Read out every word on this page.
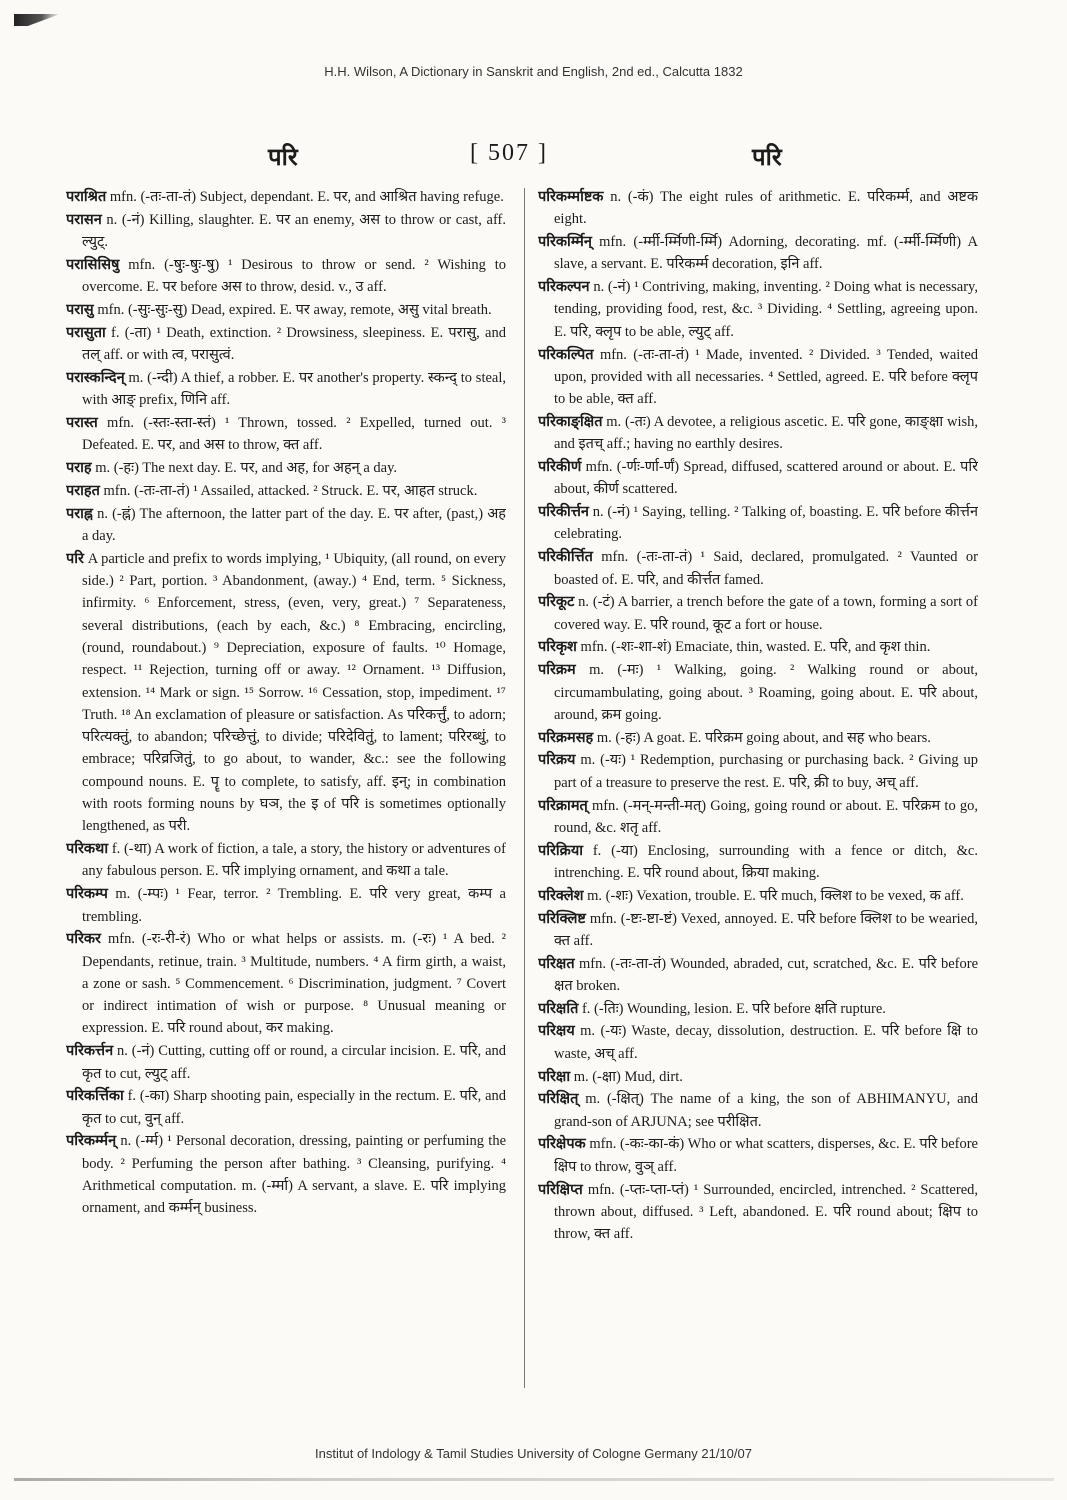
H.H. Wilson, A Dictionary in Sanskrit and English, 2nd ed., Calcutta 1832
परि	[ 507 ]	परि

पराश्रित mfn. (-तः-ता-तं) Subject, dependant. E. पर, and आश्रित having refuge.

परासन n. (-नं) Killing, slaughter. E. पर an enemy, अस to throw or cast, aff. ल्युट्.

परासिसिषु mfn. (-षुः-षुः-षु) ¹ Desirous to throw or send. ² Wishing to overcome. E. पर before अस to throw, desid. v., उ aff.

परासु mfn. (-सुः-सुः-सु) Dead, expired. E. पर away, remote, असु vital breath.

परासुता f. (-ता) ¹ Death, extinction. ² Drowsiness, sleepiness. E. परासु, and तल् aff. or with त्व, परासुत्वं.

परास्कन्दिन् m. (-न्दी) A thief, a robber. E. पर another's property. स्कन्द् to steal, with आङ् prefix, णिनि aff.

परास्त mfn. (-स्तः-स्ता-स्तं) ¹ Thrown, tossed. ² Expelled, turned out. ³ Defeated. E. पर, and अस to throw, क्त aff.

पराह m. (-हः) The next day. E. पर, and अह, for अहन् a day.

पराहत mfn. (-तः-ता-तं) ¹ Assailed, attacked. ² Struck. E. पर, आहत struck.

पराह्न n. (-ह्नं) The afternoon, the latter part of the day. E. पर after, (past,) अह a day.

परि A particle and prefix to words implying, ¹ Ubiquity, (all round, on every side.) ² Part, portion. ³ Abandonment, (away.) ⁴ End, term. ⁵ Sickness, infirmity. ⁶ Enforcement, stress, (even, very, great.) ⁷ Separateness, several distributions, (each by each, &c.) ⁸ Embracing, encircling, (round, roundabout.) ⁹ Depreciation, exposure of faults. ¹⁰ Homage, respect. ¹¹ Rejection, turning off or away. ¹² Ornament. ¹³ Diffusion, extension. ¹⁴ Mark or sign. ¹⁵ Sorrow. ¹⁶ Cessation, stop, impediment. ¹⁷ Truth. ¹⁸ An exclamation of pleasure or satisfaction. As परिकर्त्तुं, to adorn; परित्यक्तुं, to abandon; परिच्छेत्तुं, to divide; परिदेवितुं, to lament; परिरब्धुं, to embrace; परिव्रजितुं, to go about, to wander, &c.: see the following compound nouns. E. पॄ to complete, to satisfy, aff. इन्; in combination with roots forming nouns by घञ, the इ of परि is sometimes optionally lengthened, as परी.

परिकथा f. (-था) A work of fiction, a tale, a story, the history or adventures of any fabulous person. E. परि implying ornament, and कथा a tale.

परिकम्प m. (-म्पः) ¹ Fear, terror. ² Trembling. E. परि very great, कम्प a trembling.

परिकर mfn. (-रः-री-रं) Who or what helps or assists. m. (-रः) ¹ A bed. ² Dependants, retinue, train. ³ Multitude, numbers. ⁴ A firm girth, a waist, a zone or sash. ⁵ Commencement. ⁶ Discrimination, judgment. ⁷ Covert or indirect intimation of wish or purpose. ⁸ Unusual meaning or expression. E. परि round about, कर making.

परिकर्त्तन n. (-नं) Cutting, cutting off or round, a circular incision. E. परि, and कृत to cut, ल्युट् aff.

परिकर्त्तिका f. (-का) Sharp shooting pain, especially in the rectum. E. परि, and कृत to cut, वुन् aff.

परिकर्म्मन् n. (-र्म्म) ¹ Personal decoration, dressing, painting or perfuming the body. ² Perfuming the person after bathing. ³ Cleansing, purifying. ⁴ Arithmetical computation. m. (-र्म्मा) A servant, a slave. E. परि implying ornament, and कर्म्मन् business.

परिकर्म्माष्टक n. (-कं) The eight rules of arithmetic. E. परिकर्म्म, and अष्टक eight.

परिकर्म्मिन् mfn. (-र्म्मी-र्म्मिणी-र्म्मि) Adorning, decorating. mf. (-र्म्मी-र्म्मिणी) A slave, a servant. E. परिकर्म्म decoration, इनि aff.

परिकल्पन n. (-नं) ¹ Contriving, making, inventing. ² Doing what is necessary, tending, providing food, rest, &c. ³ Dividing. ⁴ Settling, agreeing upon. E. परि, क्लृप to be able, ल्युट् aff.

परिकल्पित mfn. (-तः-ता-तं) ¹ Made, invented. ² Divided. ³ Tended, waited upon, provided with all necessaries. ⁴ Settled, agreed. E. परि before क्लृप to be able, क्त aff.

परिकाङ्क्षित m. (-तः) A devotee, a religious ascetic. E. परि gone, काङ्क्षा wish, and इतच् aff.; having no earthly desires.

परिकीर्ण mfn. (-र्णः-र्णा-र्णं) Spread, diffused, scattered around or about. E. परि about, कीर्ण scattered.

परिकीर्त्तन n. (-नं) ¹ Saying, telling. ² Talking of, boasting. E. परि before कीर्त्तन celebrating.

परिकीर्त्तित mfn. (-तः-ता-तं) ¹ Said, declared, promulgated. ² Vaunted or boasted of. E. परि, and कीर्त्तत famed.

परिकूट n. (-टं) A barrier, a trench before the gate of a town, forming a sort of covered way. E. परि round, कूट a fort or house.

परिकृश mfn. (-शः-शा-शं) Emaciate, thin, wasted. E. परि, and कृश thin.

परिक्रम m. (-मः) ¹ Walking, going. ² Walking round or about, circumambulating, going about. ³ Roaming, going about. E. परि about, around, क्रम going.

परिक्रमसह m. (-हः) A goat. E. परिक्रम going about, and सह who bears.

परिक्रय m. (-यः) ¹ Redemption, purchasing or purchasing back. ² Giving up part of a treasure to preserve the rest. E. परि, क्री to buy, अच् aff.

परिक्रामत् mfn. (-मन्-मन्ती-मत्) Going, going round or about. E. परिक्रम to go, round, &c. शतृ aff.

परिक्रिया f. (-या) Enclosing, surrounding with a fence or ditch, &c. intrenching. E. परि round about, क्रिया making.

परिक्लेश m. (-शः) Vexation, trouble. E. परि much, क्लिश to be vexed, क aff.

परिक्लिष्ट mfn. (-ष्टः-ष्टा-ष्टं) Vexed, annoyed. E. परि before क्लिश to be wearied, क्त aff.

परिक्षत mfn. (-तः-ता-तं) Wounded, abraded, cut, scratched, &c. E. परि before क्षत broken.

परिक्षति f. (-तिः) Wounding, lesion. E. परि before क्षति rupture.

परिक्षय m. (-यः) Waste, decay, dissolution, destruction. E. परि before क्षि to waste, अच् aff.

परिक्षा m. (-क्षा) Mud, dirt.

परिक्षित् m. (-क्षित्) The name of a king, the son of ABHIMANYU, and grand-son of ARJUNA; see परीक्षित.

परिक्षेपक mfn. (-कः-का-कं) Who or what scatters, disperses, &c. E. परि before क्षिप to throw, वुञ् aff.

परिक्षिप्त mfn. (-प्तः-प्ता-प्तं) ¹ Surrounded, encircled, intrenched. ² Scattered, thrown about, diffused. ³ Left, abandoned. E. परि round about; क्षिप to throw, क्त aff.

Institut of Indology & Tamil Studies University of Cologne Germany 21/10/07
